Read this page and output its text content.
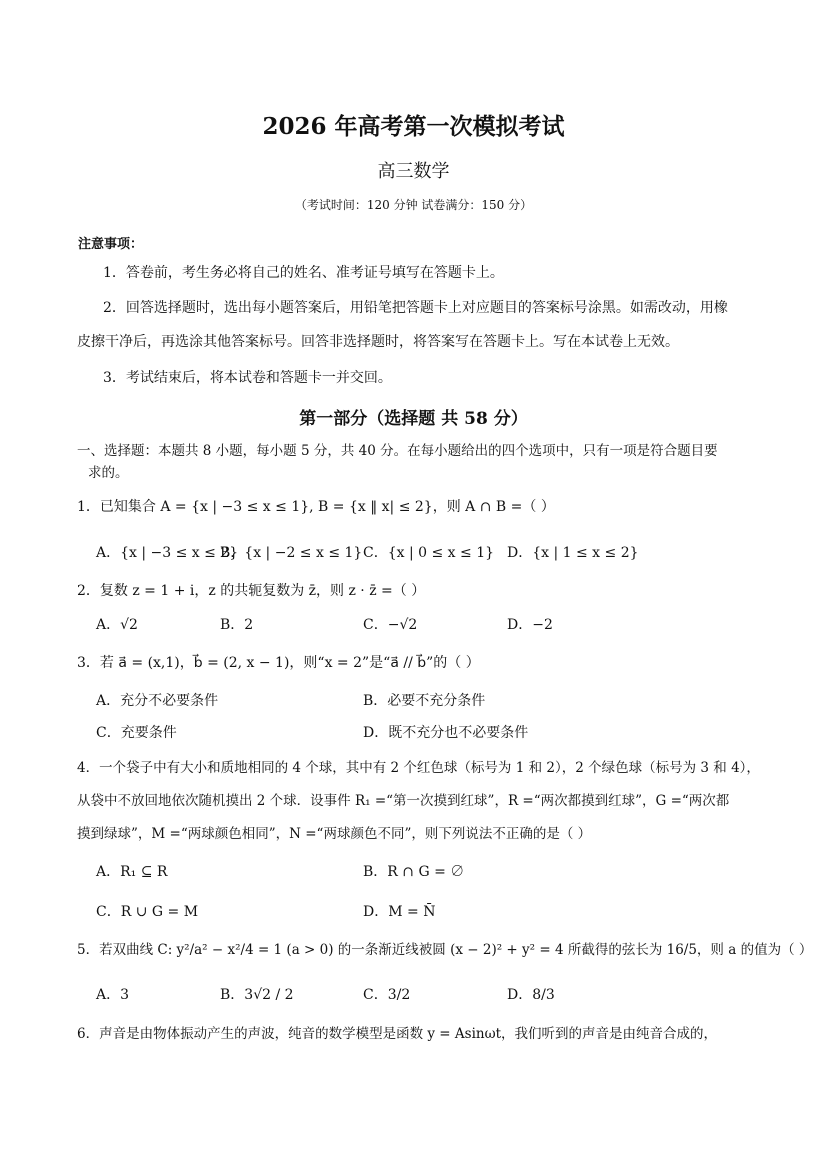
2026 年高考第一次模拟考试
高三数学
（考试时间：120 分钟 试卷满分：150 分）
注意事项：
1．答卷前，考生务必将自己的姓名、准考证号填写在答题卡上。
2．回答选择题时，选出每小题答案后，用铅笔把答题卡上对应题目的答案标号涂黑。如需改动，用橡
皮擦干净后，再选涂其他答案标号。回答非选择题时，将答案写在答题卡上。写在本试卷上无效。
3．考试结束后，将本试卷和答题卡一并交回。
第一部分（选择题 共 58 分）
一、选择题：本题共 8 小题，每小题 5 分，共 40 分。在每小题给出的四个选项中，只有一项是符合题目要
求的。
1．已知集合 A = {x | −3 ≤ x ≤ 1}, B = {x ‖ x| ≤ 2}，则 A ∩ B =（ ）
A．{x | −3 ≤ x ≤ 2}
B．{x | −2 ≤ x ≤ 1} C．{x | 0 ≤ x ≤ 1} D．{x | 1 ≤ x ≤ 2}
2．复数 z = 1 + i，z 的共轭复数为 z̄，则 z · z̄ =（ ）
A．√2	B．2	C．−√2	D．−2
3．若 a⃗ = (x,1)，b⃗ = (2, x − 1)，则“x = 2”是“a⃗ // b⃗”的（ ）
A．充分不必要条件	B．必要不充分条件
C．充要条件	D．既不充分也不必要条件
4．一个袋子中有大小和质地相同的 4 个球，其中有 2 个红色球（标号为 1 和 2），2 个绿色球（标号为 3 和 4），
从袋中不放回地依次随机摸出 2 个球．设事件 R₁ =“第一次摸到红球”，R =“两次都摸到红球”，G =“两次都
摸到绿球”，M =“两球颜色相同”，N =“两球颜色不同”，则下列说法不正确的是（ ）
A．R₁ ⊆ R	B．R ∩ G = ∅
C．R ∪ G = M	D．M = N̄
5．若双曲线 C: y²/a² − x²/4 = 1 (a > 0) 的一条渐近线被圆 (x − 2)² + y² = 4 所截得的弦长为 16/5，则 a 的值为（ ）
A．3	B．3√2 / 2	C．3/2	D．8/3
6．声音是由物体振动产生的声波，纯音的数学模型是函数 y = Asinωt，我们听到的声音是由纯音合成的，
